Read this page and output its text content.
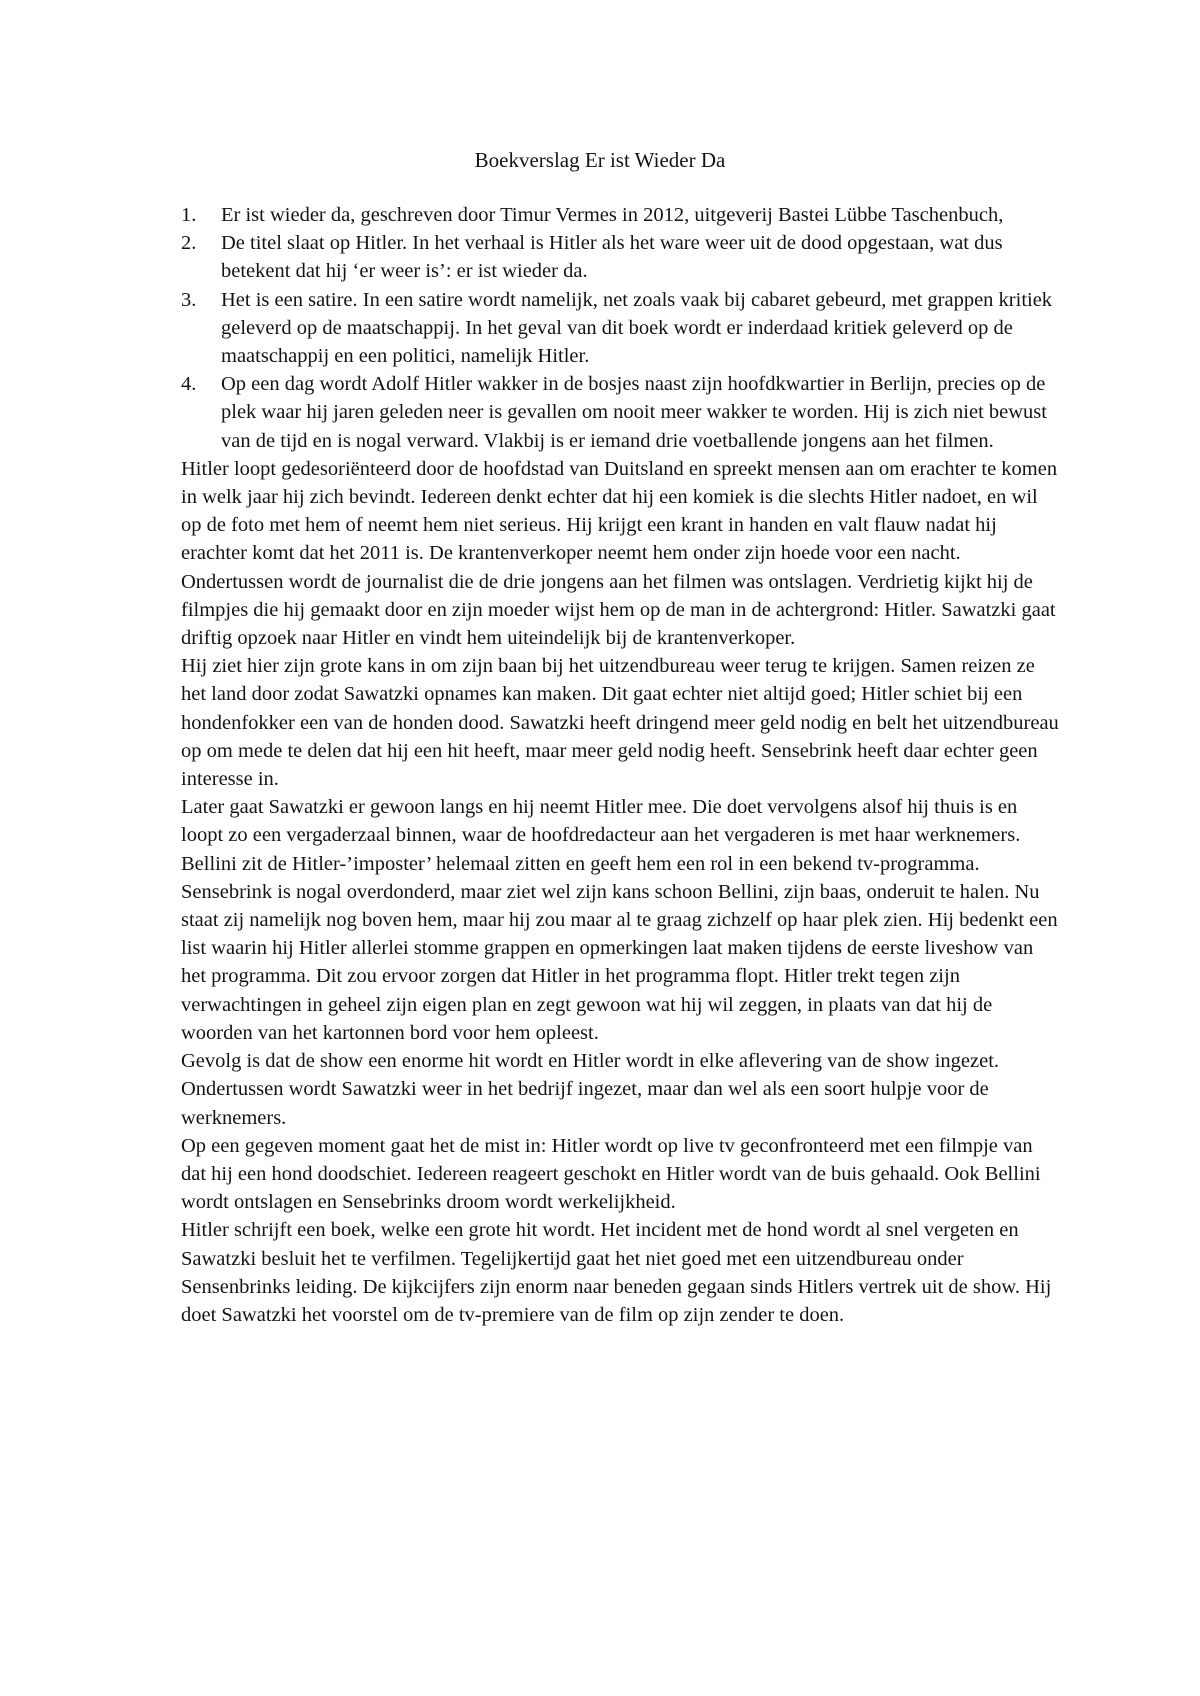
Boekverslag Er ist Wieder Da
1. Er ist wieder da, geschreven door Timur Vermes in 2012, uitgeverij Bastei Lübbe Taschenbuch,
2. De titel slaat op Hitler. In het verhaal is Hitler als het ware weer uit de dood opgestaan, wat dus betekent dat hij ‘er weer is’: er ist wieder da.
3. Het is een satire. In een satire wordt namelijk, net zoals vaak bij cabaret gebeurd, met grappen kritiek geleverd op de maatschappij. In het geval van dit boek wordt er inderdaad kritiek geleverd op de maatschappij en een politici, namelijk Hitler.
4. Op een dag wordt Adolf Hitler wakker in de bosjes naast zijn hoofdkwartier in Berlijn, precies op de plek waar hij jaren geleden neer is gevallen om nooit meer wakker te worden. Hij is zich niet bewust van de tijd en is nogal verward. Vlakbij is er iemand drie voetballende jongens aan het filmen.

Hitler loopt gedesoriënteerd door de hoofdstad van Duitsland en spreekt mensen aan om erachter te komen in welk jaar hij zich bevindt. Iedereen denkt echter dat hij een komiek is die slechts Hitler nadoet, en wil op de foto met hem of neemt hem niet serieus. Hij krijgt een krant in handen en valt flauw nadat hij erachter komt dat het 2011 is. De krantenverkoper neemt hem onder zijn hoede voor een nacht.

Ondertussen wordt de journalist die de drie jongens aan het filmen was ontslagen. Verdrietig kijkt hij de filmpjes die hij gemaakt door en zijn moeder wijst hem op de man in de achtergrond: Hitler. Sawatzki gaat driftig opzoek naar Hitler en vindt hem uiteindelijk bij de krantenverkoper.

Hij ziet hier zijn grote kans in om zijn baan bij het uitzendbureau weer terug te krijgen. Samen reizen ze het land door zodat Sawatzki opnames kan maken. Dit gaat echter niet altijd goed; Hitler schiet bij een hondenfokker een van de honden dood. Sawatzki heeft dringend meer geld nodig en belt het uitzendbureau op om mede te delen dat hij een hit heeft, maar meer geld nodig heeft. Sensebrink heeft daar echter geen interesse in.

Later gaat Sawatzki er gewoon langs en hij neemt Hitler mee. Die doet vervolgens alsof hij thuis is en loopt zo een vergaderzaal binnen, waar de hoofdredacteur aan het vergaderen is met haar werknemers.

Bellini zit de Hitler-’imposter’ helemaal zitten en geeft hem een rol in een bekend tv-programma. Sensebrink is nogal overdonderd, maar ziet wel zijn kans schoon Bellini, zijn baas, onderuit te halen. Nu staat zij namelijk nog boven hem, maar hij zou maar al te graag zichzelf op haar plek zien. Hij bedenkt een list waarin hij Hitler allerlei stomme grappen en opmerkingen laat maken tijdens de eerste liveshow van het programma. Dit zou ervoor zorgen dat Hitler in het programma flopt. Hitler trekt tegen zijn verwachtingen in geheel zijn eigen plan en zegt gewoon wat hij wil zeggen, in plaats van dat hij de woorden van het kartonnen bord voor hem opleest.

Gevolg is dat de show een enorme hit wordt en Hitler wordt in elke aflevering van de show ingezet. Ondertussen wordt Sawatzki weer in het bedrijf ingezet, maar dan wel als een soort hulpje voor de werknemers.

Op een gegeven moment gaat het de mist in: Hitler wordt op live tv geconfronteerd met een filmpje van dat hij een hond doodschiet. Iedereen reageert geschokt en Hitler wordt van de buis gehaald. Ook Bellini wordt ontslagen en Sensebrinks droom wordt werkelijkheid.

Hitler schrijft een boek, welke een grote hit wordt. Het incident met de hond wordt al snel vergeten en Sawatzki besluit het te verfilmen. Tegelijkertijd gaat het niet goed met een uitzendbureau onder Sensenbrinks leiding. De kijkcijfers zijn enorm naar beneden gegaan sinds Hitlers vertrek uit de show. Hij doet Sawatzki het voorstel om de tv-premiere van de film op zijn zender te doen.
